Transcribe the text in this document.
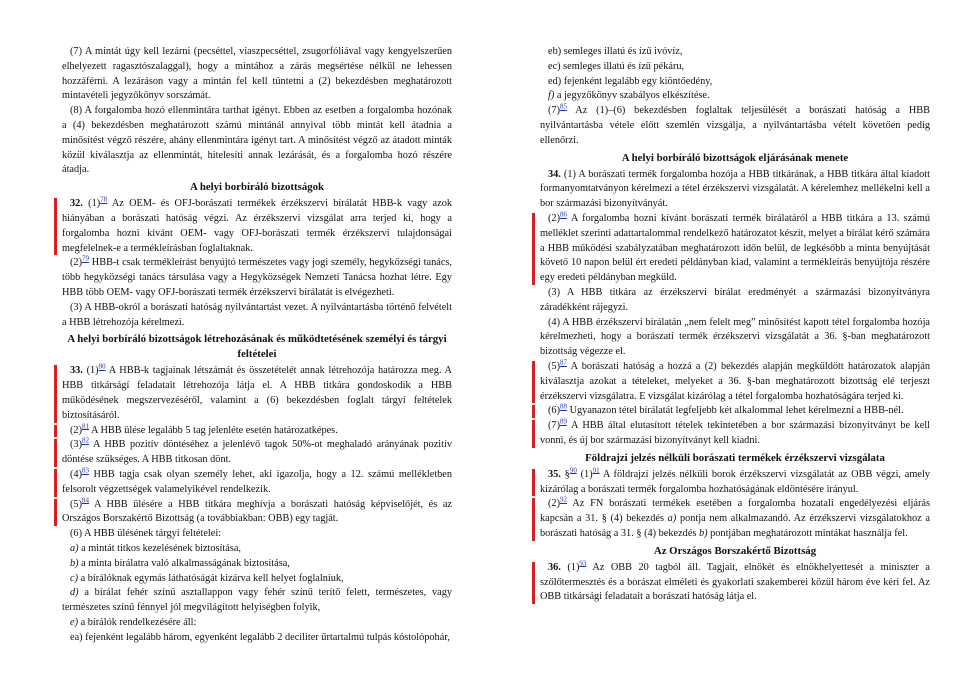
(7) A mintát úgy kell lezárni (pecséttel, viaszpecséttel, zsugorfóliával vagy kengyelszerűen elhelyezett ragasztószalaggal), hogy a mintához a zárás megsértése nélkül ne lehessen hozzáférni. A lezáráson vagy a mintán fel kell tüntetni a (2) bekezdésben meghatározott mintavételi jegyzőkönyv sorszámát.

(8) A forgalomba hozó ellenmintára tarthat igényt. Ebben az esetben a forgalomba hozónak a (4) bekezdésben meghatározott számú mintánál annyival több mintát kell átadnia a minősítést végző részére, ahány ellenmintára igényt tart. A minősítést végző az átadott minták közül kiválasztja az ellenmintát, hitelesíti annak lezárását, és a forgalomba hozó részére átadja.

A helyi borbíráló bizottságok

32. $(1)^{78}$ Az OEM- és OFJ-borászati termékek érzékszervi bírálatát HBB-k vagy azok hiányában a borászati hatóság végzi. Az érzékszervi vizsgálat arra terjed ki, hogy a forgalomba hozni kívánt OEM- vagy OFJ-borászati termék érzékszervi tulajdonságai megfelelnek-e a termékleírásban foglaltaknak.

$(2)^{79}$ HBB-t csak termékleírást benyújtó természetes vagy jogi személy, hegyközségi tanács, több hegyközségi tanács társulása vagy a Hegyközségek Nemzeti Tanácsa hozhat létre. Egy HBB több OEM- vagy OFJ-borászati termék érzékszervi bírálatát is elvégezheti.

(3) A HBB-okról a borászati hatóság nyilvántartást vezet. A nyilvántartásba történő felvételt a HBB létrehozója kérelmezi.

A helyi borbíráló bizottságok létrehozásának és működtetésének személyi és tárgyi feltételei

33. $(1)^{80}$ A HBB-k tagjainak létszámát és összetételét annak létrehozója határozza meg. A HBB titkárságí feladatait létrehozója látja el. A HBB titkára gondoskodik a HBB működésének megszervezéséről, valamint a (6) bekezdésben foglalt tárgyi feltételek biztosításáról.

$(2)^{81}$ A HBB ülése legalább 5 tag jelenléte esetén határozatképes.

$(3)^{82}$ A HBB pozitív döntéséhez a jelenlévő tagok 50%-ot meghaladó arányának pozitív döntése szükséges. A HBB titkosan dönt.

$(4)^{83}$ HBB tagja csak olyan személy lehet, aki igazolja, hogy a 12. számú mellékletben felsorolt végzettségek valamelyikével rendelkezik.

$(5)^{84}$ A HBB ülésére a HBB titkára meghívja a borászati hatóság képviselőjét, és az Országos Borszakértő Bizottság (a továbbiakban: OBB) egy tagját.

(6) A HBB ülésének tárgyi feltételei:

a) a mintát titkos kezelésének biztosítása,

b) a minta bírálatra való alkalmasságának biztosítása,

c) a bírálóknak egymás láthatóságát kizárva kell helyet foglalniuk,

d) a bírálat fehér színű asztallappon vagy fehér színű terítő felett, természetes, vagy természetes színű fénnyel jól megvilágított helyiségben folyik,

e) a bírálók rendelkezésére áll:

ea) fejenként legalább három, egyenként legalább 2 deciliter űrtartalmú tulpás kóstolópohár,

eb) semleges illatú és ízű ivóvíz,

ec) semleges illatú és ízű pékáru,

ed) fejenként legalább egy kiöntőedény,

f) a jegyzőkönyv szabályos elkészítése.

$(7)^{85}$ Az (1)–(6) bekezdésben foglaltak teljesülését a borászati hatóság a HBB nyilvántartásba vétele előtt szemlén vizsgálja, a nyilvántartásba vételt követően pedig ellenőrzi.

A helyi borbíráló bizottságok eljárásának menete

34. (1) A borászati termék forgalomba hozója a HBB titkárának, a HBB titkára által kiadott formanyomtatványon kérelmezi a tétel érzékszervi vizsgálatát. A kérelemhez mellékelni kell a bor származási bizonyítványát.

$(2)^{86}$ A forgalomba hozni kívánt borászati termék bírálatáról a HBB titkára a 13. számú melléklet szerinti adattartalommal rendelkező határozatot készít, melyet a bírálat kérő számára a HBB működési szabályzatában meghatározott időn belül, de legkésőbb a minta benyújtását követő 10 napon belül ért eredeti példányban kiad, valamint a termékleírás benyújtója részére egy eredeti példányban megküld.

(3) A HBB titkára az érzékszervi bírálat eredményét a származási bizonyítványra záradékként rájegyzi.

(4) A HBB érzékszervi bírálatán „nem felelt meg” minősítést kapott tétel forgalomba hozója kérelmezheti, hogy a borászati termék érzékszervi vizsgálatát a 36. §-ban meghatározott bizottság végezze el.

$(5)^{87}$ A borászati hatóság a hozzá a (2) bekezdés alapján megküldött határozatok alapján kiválasztja azokat a tételeket, melyeket a 36. §-ban meghatározott bizottság elé terjeszt érzékszervi vizsgálatra. E vizsgálat kizárólag a tétel forgalomba hozhatóságára terjed ki.

$(6)^{88}$ Ugyanazon tétel bírálatát legfeljebb két alkalommal lehet kérelmezni a HBB-nél.

$(7)^{89}$ A HBB által elutasított tételek tekintetében a bor származási bizonyítványt be kell vonni, és új bor származási bizonyítványt kell kiadni.

Földrajzi jelzés nélküli borászati termékek érzékszervi vizsgálata

35. §$^{90}$ $(1)^{91}$ A földrajzi jelzés nélküli borok érzékszervi vizsgálatát az OBB végzi, amely kizárólag a borászati termék forgalomba hozhatóságának eldöntésére irányul.

$(2)^{92}$ Az FN borászati termékek esetében a forgalomba hozatali engedélyezési eljárás kapcsán a 31. § (4) bekezdés a) pontja nem alkalmazandó. Az érzékszervi vizsgálatokhoz a borászati hatóság a 31. § (4) bekezdés b) pontjában meghatározott mintákat használja fel.

Az Országos Borszakértő Bizottság

36. $(1)^{93}$ Az OBB 20 tagból áll. Tagjait, elnökét és elnökhelyettesét a miniszter a szőlőtermesztés és a borászat elméleti és gyakorlati szakemberei közül három éve kéri fel. Az OBB titkársági feladatait a borászati hatóság látja el.
